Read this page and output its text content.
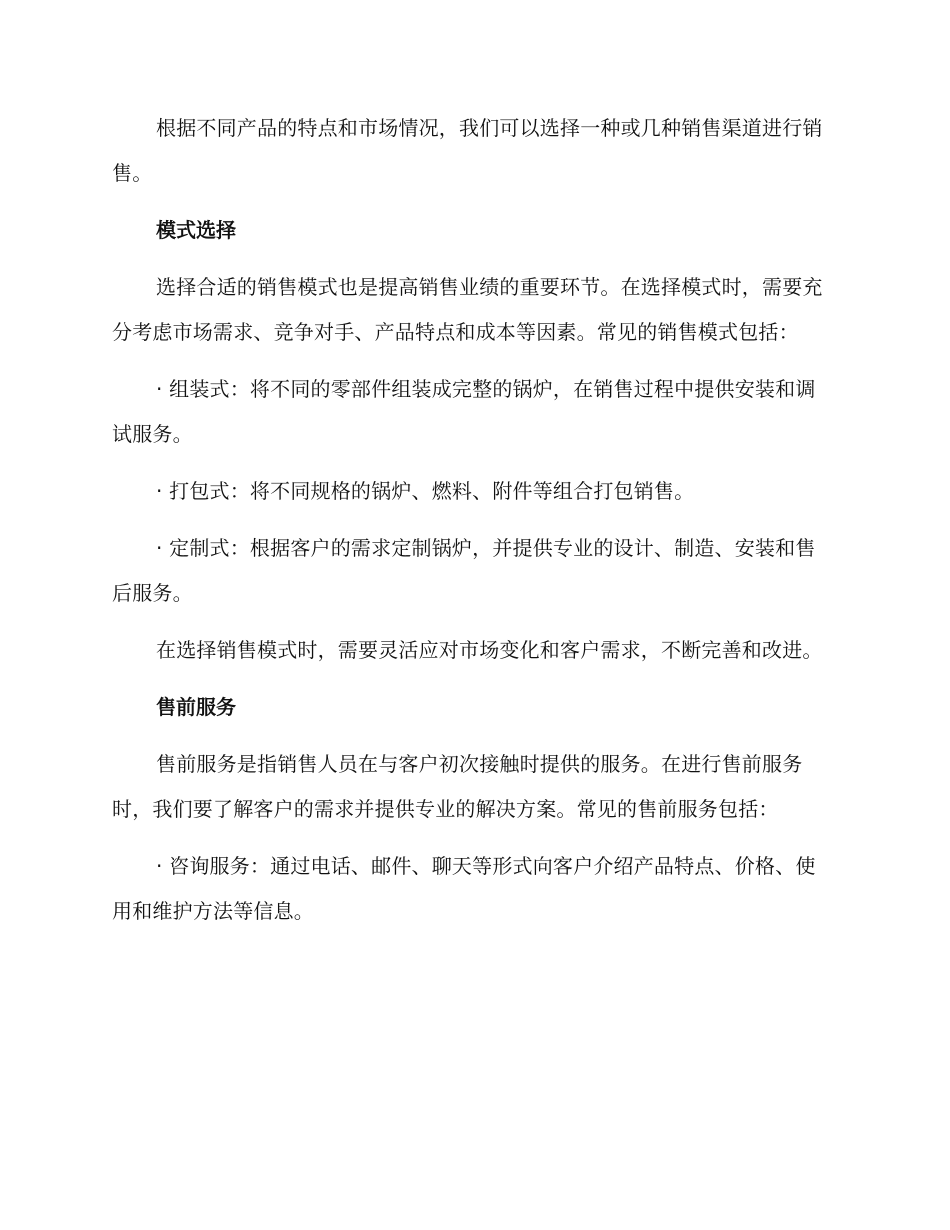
根据不同产品的特点和市场情况，我们可以选择一种或几种销售渠道进行销售。

模式选择

选择合适的销售模式也是提高销售业绩的重要环节。在选择模式时，需要充分考虑市场需求、竞争对手、产品特点和成本等因素。常见的销售模式包括：

· 组装式：将不同的零部件组装成完整的锅炉，在销售过程中提供安装和调试服务。

· 打包式：将不同规格的锅炉、燃料、附件等组合打包销售。

· 定制式：根据客户的需求定制锅炉，并提供专业的设计、制造、安装和售后服务。

在选择销售模式时，需要灵活应对市场变化和客户需求，不断完善和改进。

售前服务

售前服务是指销售人员在与客户初次接触时提供的服务。在进行售前服务时，我们要了解客户的需求并提供专业的解决方案。常见的售前服务包括：

· 咨询服务：通过电话、邮件、聊天等形式向客户介绍产品特点、价格、使用和维护方法等信息。
